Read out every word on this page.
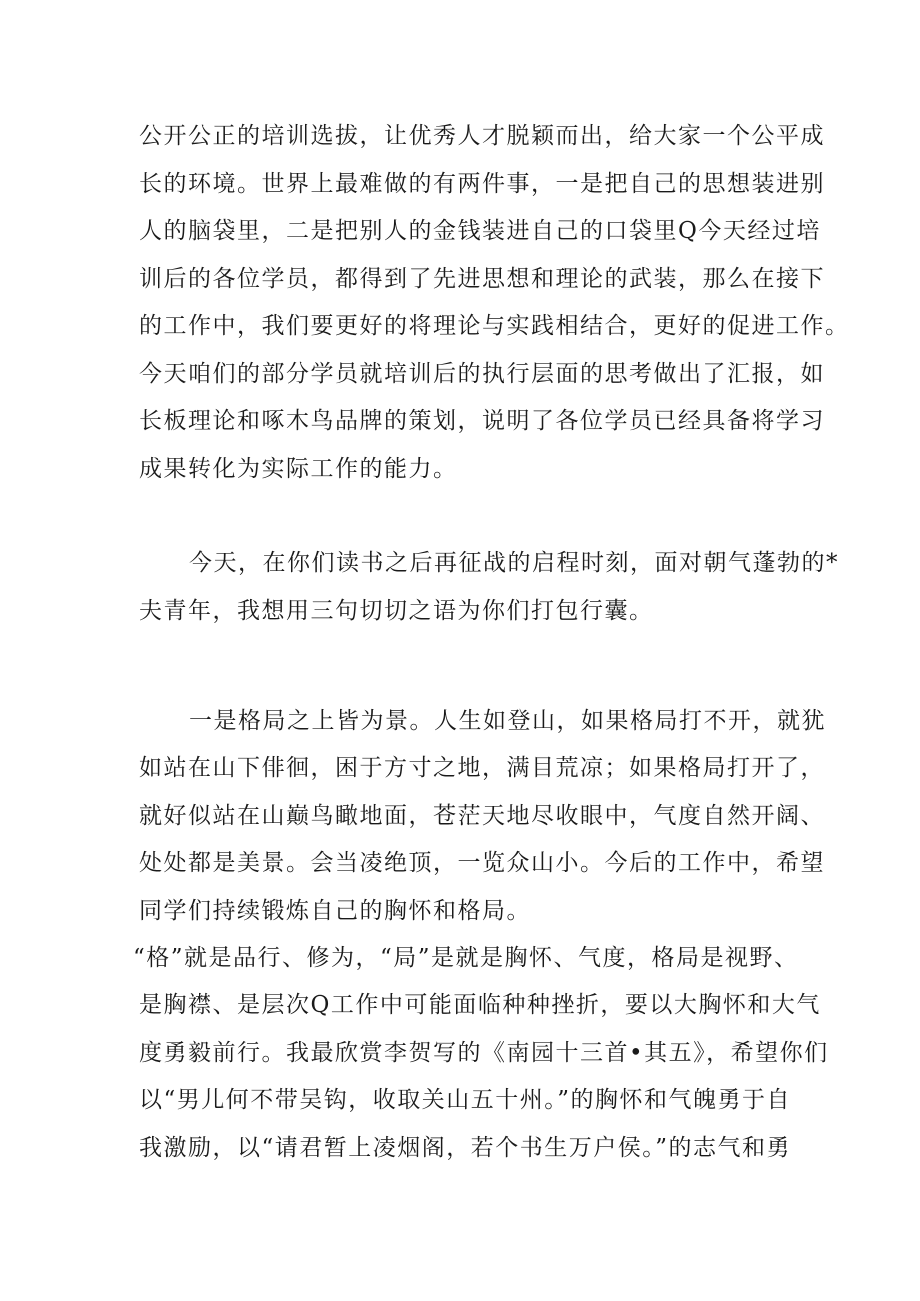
公开公正的培训选拔，让优秀人才脱颖而出，给大家一个公平成

长的环境。世界上最难做的有两件事，一是把自己的思想装进别

人的脑袋里，二是把别人的金钱装进自己的口袋里Q今天经过培

训后的各位学员，都得到了先进思想和理论的武装，那么在接下

的工作中，我们要更好的将理论与实践相结合，更好的促进工作。

今天咱们的部分学员就培训后的执行层面的思考做出了汇报，如

长板理论和啄木鸟品牌的策划，说明了各位学员已经具备将学习

成果转化为实际工作的能力。

今天，在你们读书之后再征战的启程时刻，面对朝气蓬勃的*

夫青年，我想用三句切切之语为你们打包行囊。

一是格局之上皆为景。人生如登山，如果格局打不开，就犹

如站在山下俳徊，困于方寸之地，满目荒凉；如果格局打开了，

就好似站在山巅鸟瞰地面，苍茫天地尽收眼中，气度自然开阔、

处处都是美景。会当凌绝顶，一览众山小。今后的工作中，希望

同学们持续锻炼自己的胸怀和格局。

“格”就是品行、修为，“局”是就是胸怀、气度，格局是视野、

是胸襟、是层次Q工作中可能面临种种挫折，要以大胸怀和大气

度勇毅前行。我最欣赏李贺写的《南园十三首•其五》，希望你们

以“男儿何不带吴钩，收取关山五十州。”的胸怀和气魄勇于自

我激励，以“请君暂上凌烟阁，若个书生万户侯。”的志气和勇
